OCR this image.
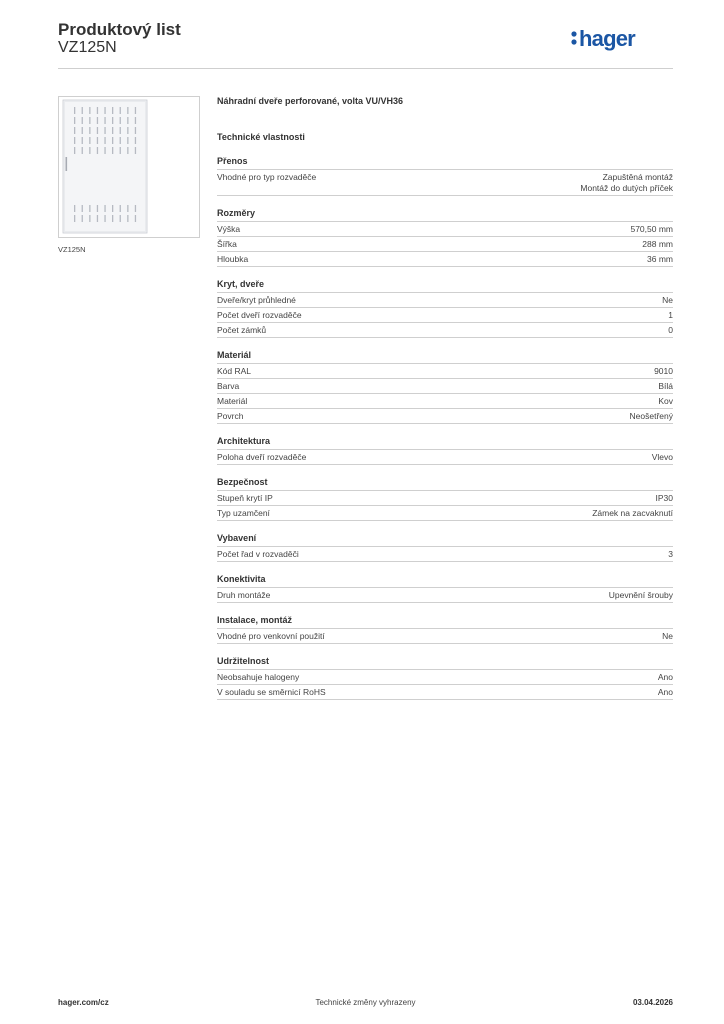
Produktový list
VZ125N	hager
VZ125N
Náhradní dveře perforované, volta VU/VH36
Technické vlastnosti
Přenos
Vhodné pro typ rozvaděče	Zapuštěná montáž
Montáž do dutých příček
Rozměry
Výška	570,50 mm
Šířka	288 mm
Hloubka	36 mm
Kryt, dveře
Dveře/kryt průhledné	Ne
Počet dveří rozvaděče	1
Počet zámků	0
Materiál
Kód RAL	9010
Barva	Bílá
Materiál	Kov
Povrch	Neošetřený
Architektura
Poloha dveří rozvaděče	Vlevo
Bezpečnost
Stupeň krytí IP	IP30
Typ uzamčení	Zámek na zacvaknutí
Vybavení
Počet řad v rozvaděči	3
Konektivita
Druh montáže	Upevnění šrouby
Instalace, montáž
Vhodné pro venkovní použití	Ne
Udržitelnost
Neobsahuje halogeny	Ano
V souladu se směrnicí RoHS	Ano
Technické změny vyhrazeny
hager.com/cz	03.04.2026
